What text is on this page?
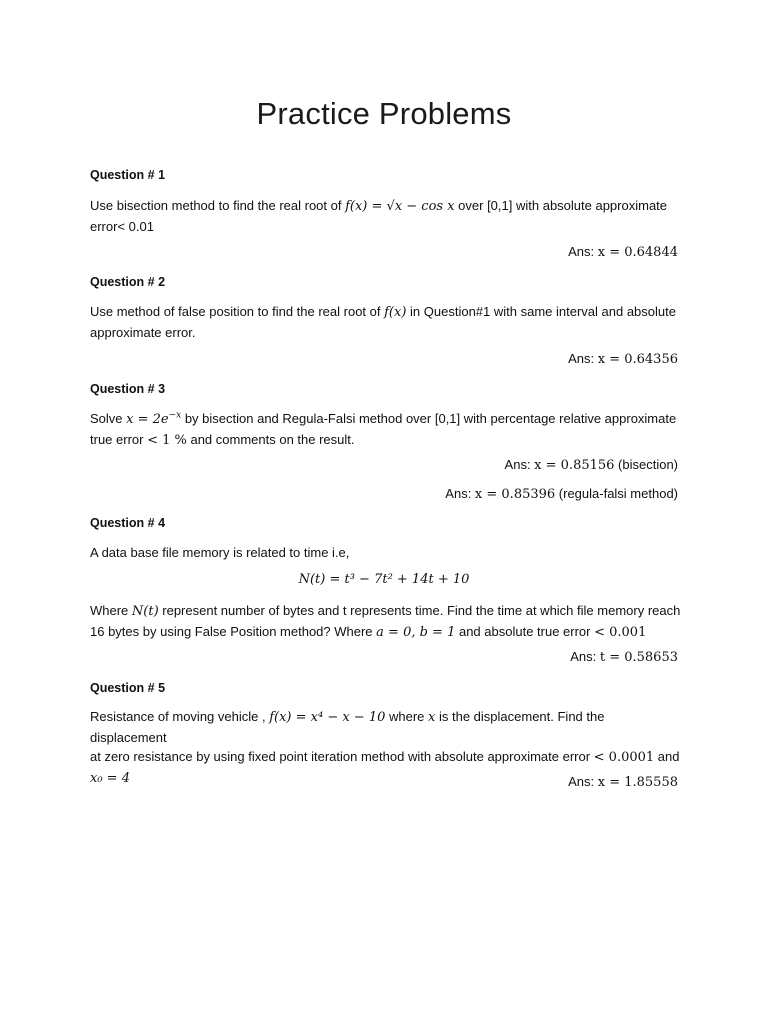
Practice Problems
Question # 1
Use bisection method to find the real root of f(x) = √x − cos x over [0,1] with absolute approximate
error< 0.01
Ans: x = 0.64844
Question # 2
Use method of false position to find the real root of f(x) in Question#1 with same interval and absolute
approximate error.
Ans: x = 0.64356
Question # 3
Solve $x = 2e^{-x}$ by bisection and Regula-Falsi method over [0,1] with percentage relative approximate
true error < 1 % and comments on the result.
Ans: x = 0.85156 (bisection)
Ans: x = 0.85396 (regula-falsi method)
Question # 4
A data base file memory is related to time i.e,
N(t) = t³ − 7t² + 14t + 10
Where N(t) represent number of bytes and t represents time. Find the time at which file memory reach
16 bytes by using False Position method? Where a = 0, b = 1 and absolute true error < 0.001
Ans: t = 0.58653
Question # 5
Resistance of moving vehicle , f(x) = x⁴ − x − 10 where x is the displacement. Find the displacement
at zero resistance by using fixed point iteration method with absolute approximate error < 0.0001 and
x₀ = 4	Ans: x = 1.85558
